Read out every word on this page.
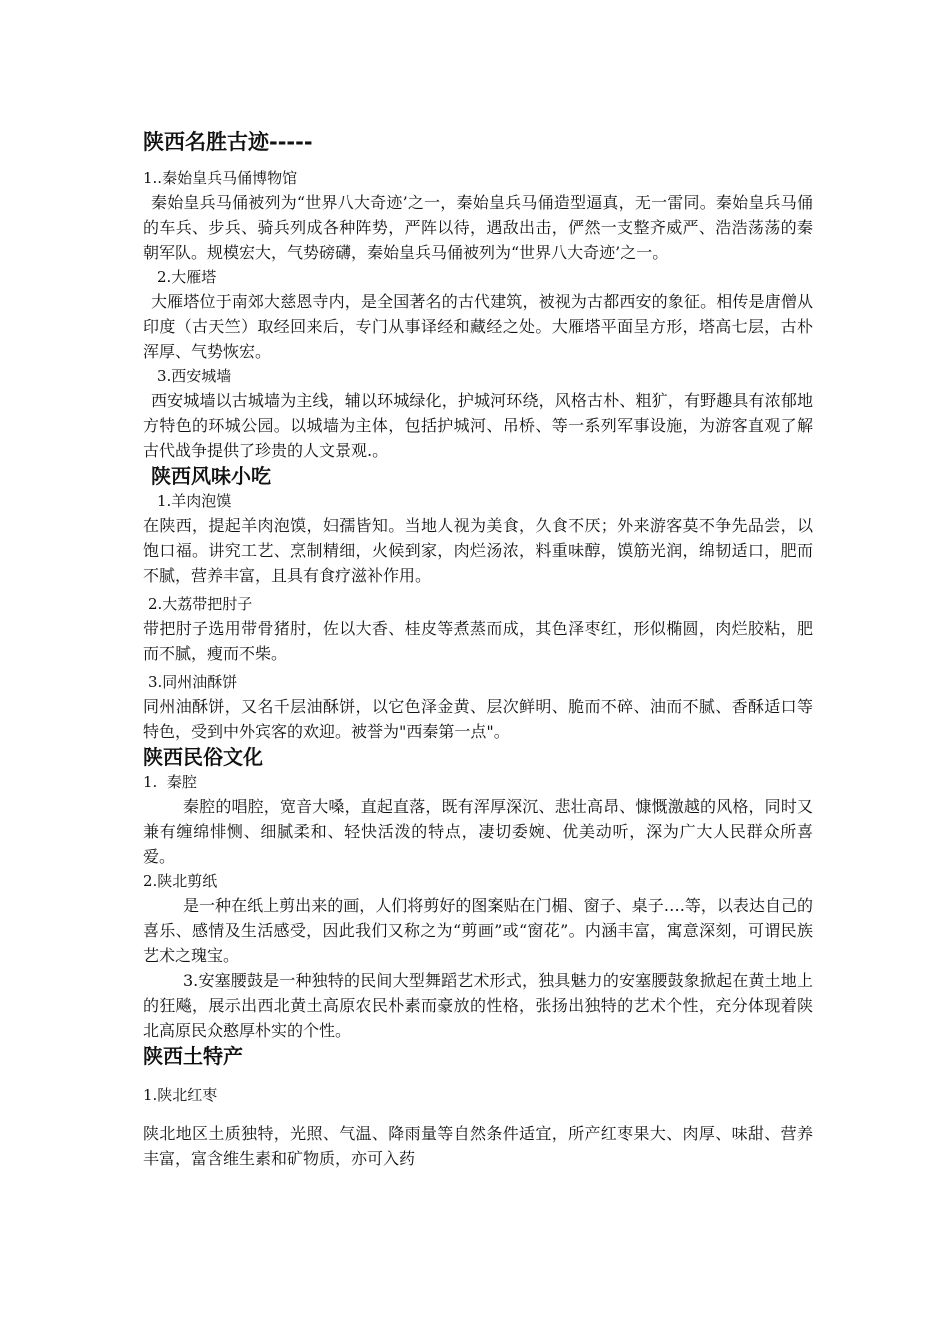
陕西名胜古迹-----
1..秦始皇兵马俑博物馆
秦始皇兵马俑被列为“世界八大奇迹’之一，秦始皇兵马俑造型逼真，无一雷同。秦始皇兵马俑的车兵、步兵、骑兵列成各种阵势，严阵以待，遇敌出击，俨然一支整齐威严、浩浩荡荡的秦朝军队。规模宏大，气势磅礴，秦始皇兵马俑被列为“世界八大奇迹’之一。
2.大雁塔
大雁塔位于南郊大慈恩寺内，是全国著名的古代建筑，被视为古都西安的象征。相传是唐僧从印度（古天竺）取经回来后，专门从事译经和藏经之处。大雁塔平面呈方形，塔高七层，古朴浑厚、气势恢宏。
3.西安城墙
西安城墙以古城墙为主线，辅以环城绿化，护城河环绕，风格古朴、粗犷，有野趣具有浓郁地方特色的环城公园。以城墙为主体，包括护城河、吊桥、等一系列军事设施，为游客直观了解古代战争提供了珍贵的人文景观.。
陕西风味小吃
1.羊肉泡馍
在陕西，提起羊肉泡馍，妇孺皆知。当地人视为美食，久食不厌；外来游客莫不争先品尝，以饱口福。讲究工艺、烹制精细，火候到家，肉烂汤浓，料重味醇，馍筋光润，绵韧适口，肥而不腻，营养丰富，且具有食疗滋补作用。
2.大荔带把肘子
带把肘子选用带骨猪肘，佐以大香、桂皮等煮蒸而成，其色泽枣红，形似椭圆，肉烂胶粘，肥而不腻，瘦而不柴。
3.同州油酥饼
同州油酥饼，又名千层油酥饼，以它色泽金黄、层次鲜明、脆而不碎、油而不腻、香酥适口等特色，受到中外宾客的欢迎。被誉为"西秦第一点"。
陕西民俗文化
1.  秦腔
秦腔的唱腔，宽音大嗓，直起直落，既有浑厚深沉、悲壮高昂、慷慨激越的风格，同时又兼有缠绵悱恻、细腻柔和、轻快活泼的特点，凄切委婉、优美动听，深为广大人民群众所喜爱。
2.陕北剪纸
是一种在纸上剪出来的画，人们将剪好的图案贴在门楣、窗子、桌子….等，以表达自己的喜乐、感情及生活感受，因此我们又称之为“剪画”或“窗花”。内涵丰富，寓意深刻，可谓民族艺术之瑰宝。
3.安塞腰鼓是一种独特的民间大型舞蹈艺术形式，独具魅力的安塞腰鼓象掀起在黄土地上的狂飚，展示出西北黄土高原农民朴素而豪放的性格，张扬出独特的艺术个性，充分体现着陕北高原民众憨厚朴实的个性。
陕西土特产
1.陕北红枣
陕北地区土质独特，光照、气温、降雨量等自然条件适宜，所产红枣果大、肉厚、味甜、营养丰富，富含维生素和矿物质，亦可入药
